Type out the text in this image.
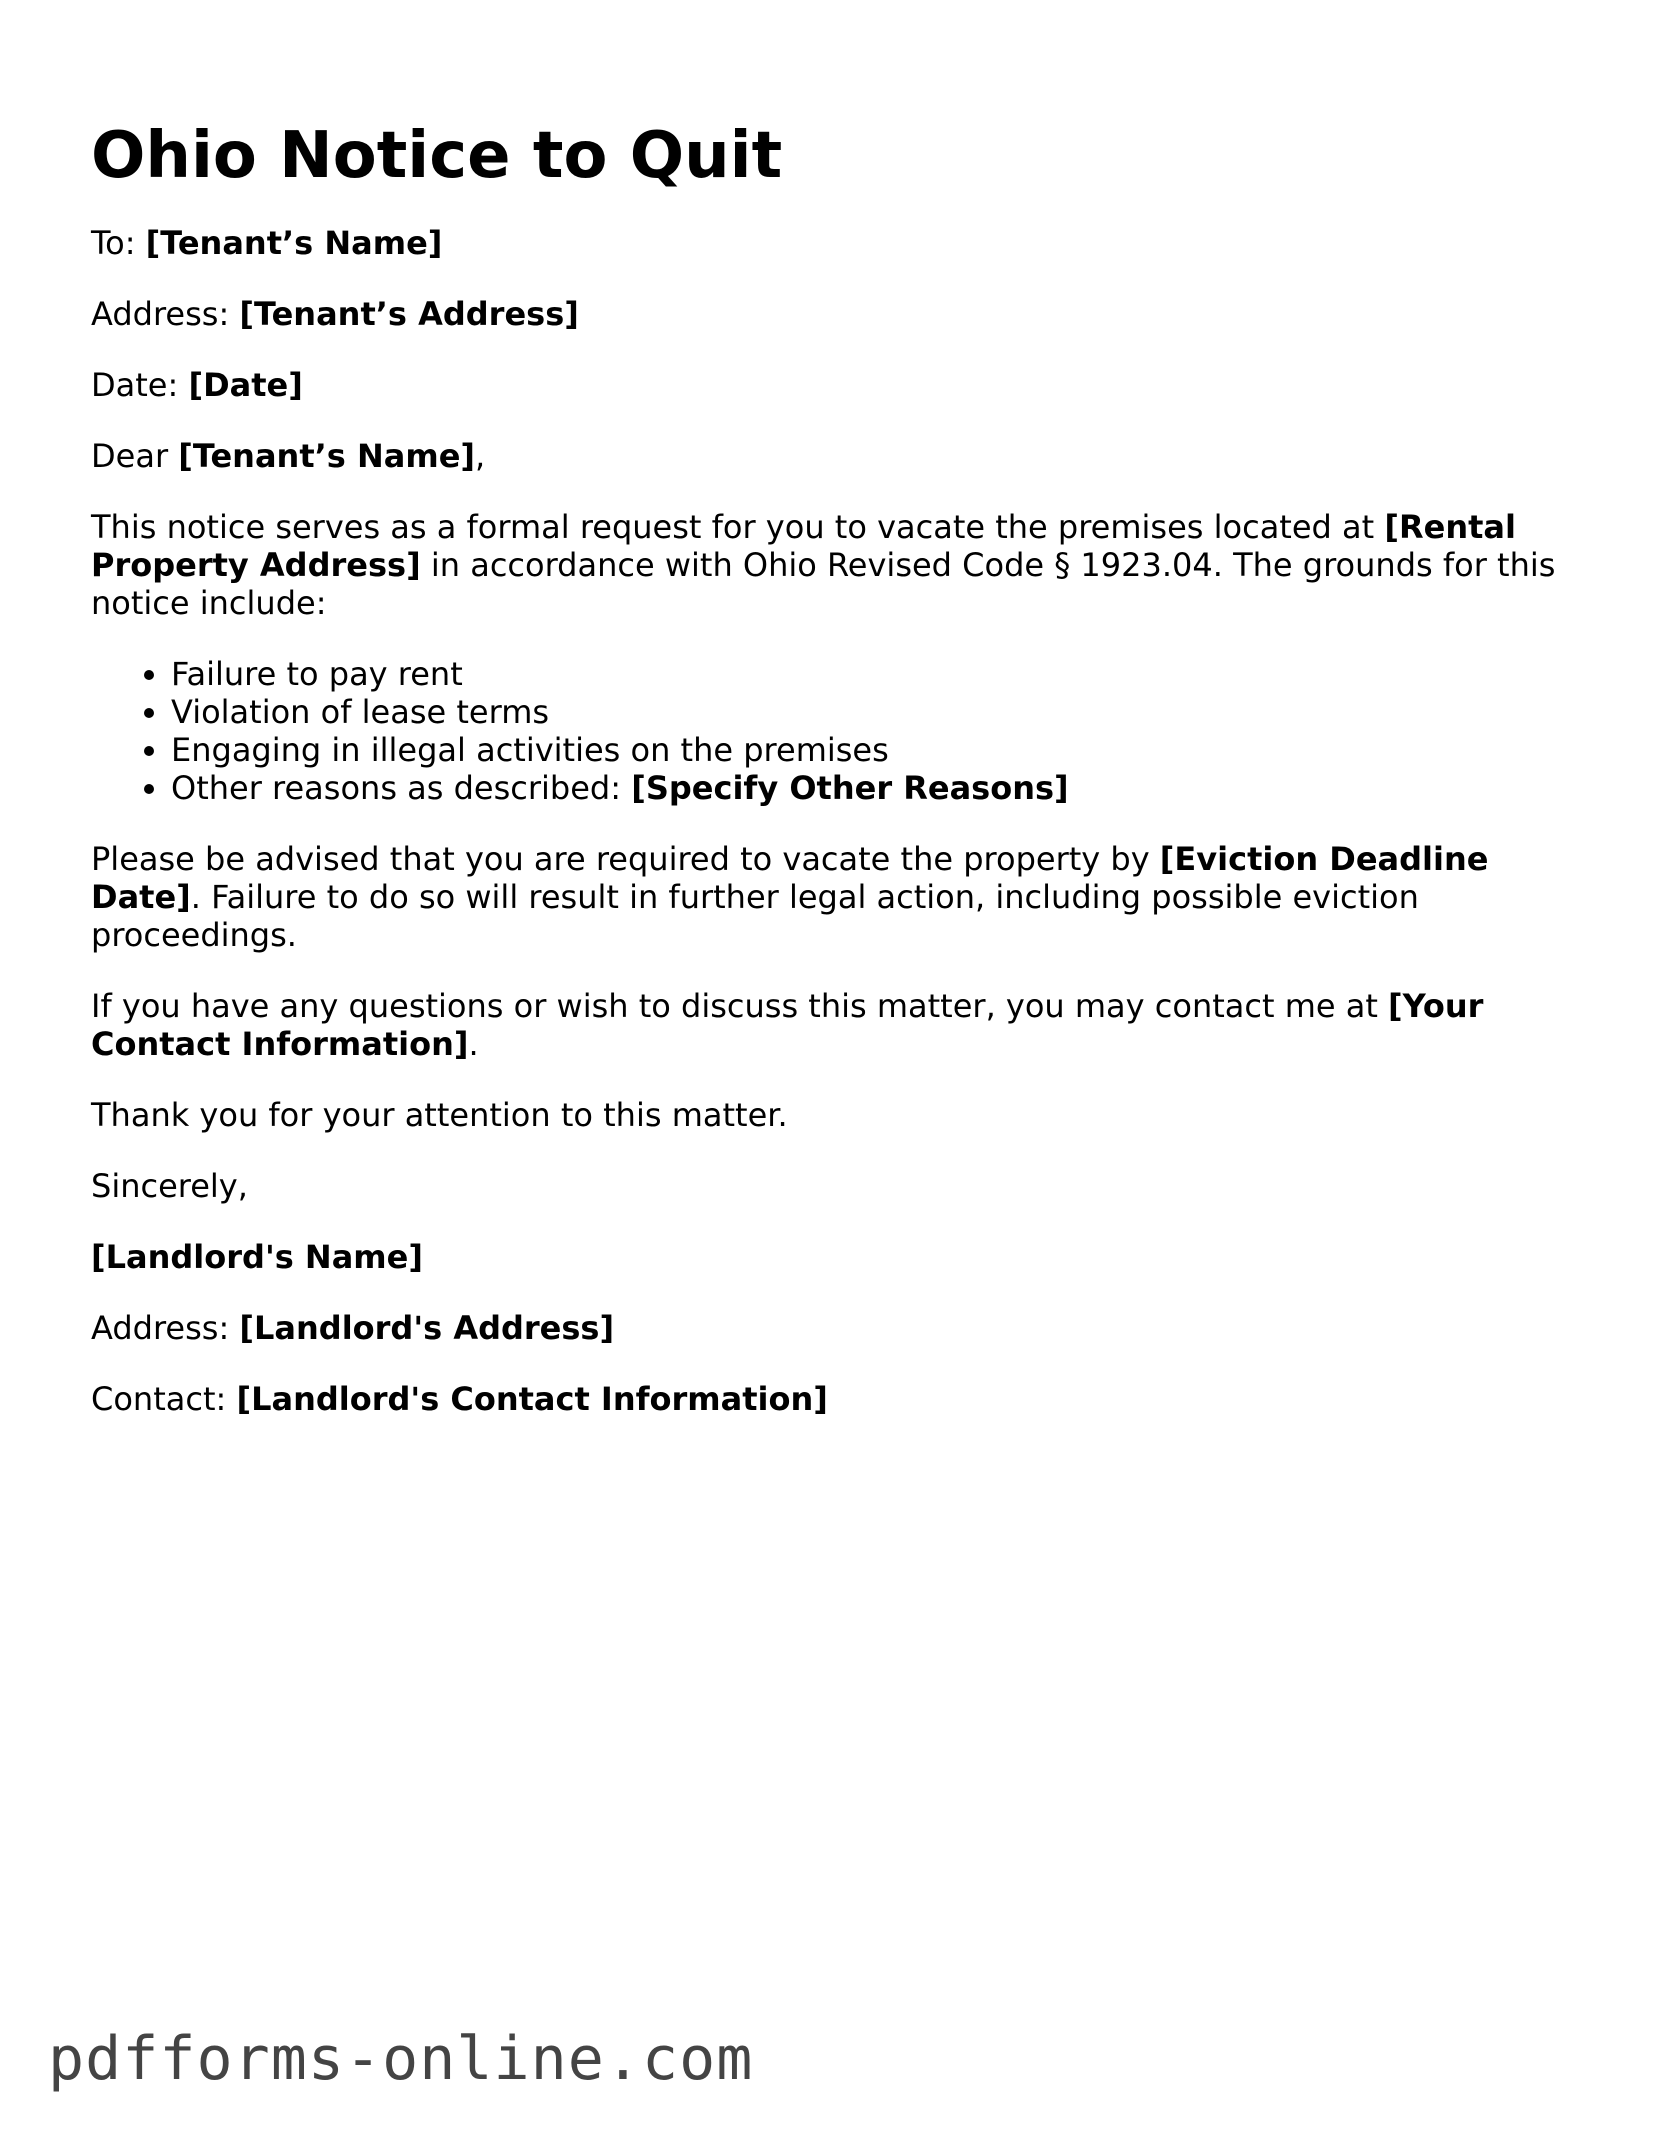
Ohio Notice to Quit

To: [Tenant’s Name]

Address: [Tenant’s Address]

Date: [Date]

Dear [Tenant’s Name],

This notice serves as a formal request for you to vacate the premises located at [Rental Property Address] in accordance with Ohio Revised Code § 1923.04. The grounds for this notice include:

• Failure to pay rent
• Violation of lease terms
• Engaging in illegal activities on the premises
• Other reasons as described: [Specify Other Reasons]

Please be advised that you are required to vacate the property by [Eviction Deadline Date]. Failure to do so will result in further legal action, including possible eviction proceedings.

If you have any questions or wish to discuss this matter, you may contact me at [Your Contact Information].

Thank you for your attention to this matter.

Sincerely,

[Landlord's Name]

Address: [Landlord's Address]

Contact: [Landlord's Contact Information]

pdfforms-online.com
